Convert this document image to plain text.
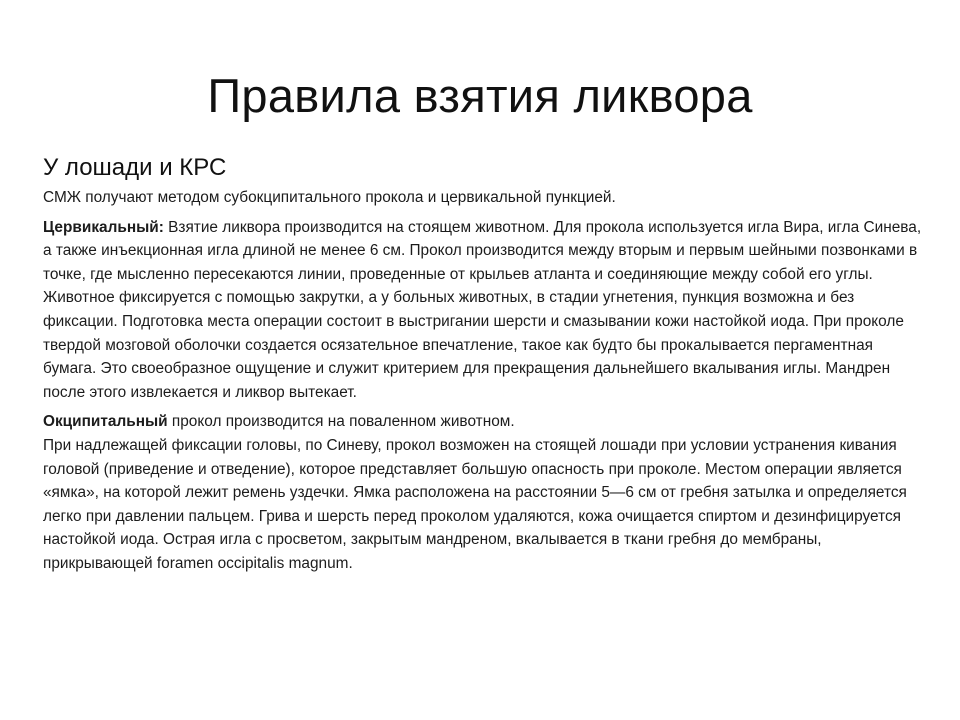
Правила взятия ликвора
У лошади и КРС

СМЖ получают методом субокципитального прокола и цервикальной пункцией.

Цервикальный: Взятие ликвора производится на стоящем животном. Для прокола используется игла Вира, игла Синева, а также инъекционная игла длиной не менее 6 см. Прокол производится между вторым и первым шейными позвонками в точке, где мысленно пересекаются линии, проведенные от крыльев атланта и соединяющие между собой его углы. Животное фиксируется с помощью закрутки, а у больных животных, в стадии угнетения, пункция возможна и без фиксации. Подготовка места операции состоит в выстригании шерсти и смазывании кожи настойкой иода. При проколе твердой мозговой оболочки создается осязательное впечатление, такое как будто бы прокалывается пергаментная бумага. Это своеобразное ощущение и служит критерием для прекращения дальнейшего вкалывания иглы. Мандрен после этого извлекается и ликвор вытекает.

Окципитальный прокол производится на поваленном животном.
При надлежащей фиксации головы, по Синеву, прокол возможен на стоящей лошади при условии устранения кивания головой (приведение и отведение), которое представляет большую опасность при проколе. Местом операции является «ямка», на которой лежит ремень уздечки. Ямка расположена на расстоянии 5—6 см от гребня затылка и определяется легко при давлении пальцем. Грива и шерсть перед проколом удаляются, кожа очищается спиртом и дезинфицируется настойкой иода. Острая игла с просветом, закрытым мандреном, вкалывается в ткани гребня до мембраны, прикрывающей foramen occipitalis magnum.
